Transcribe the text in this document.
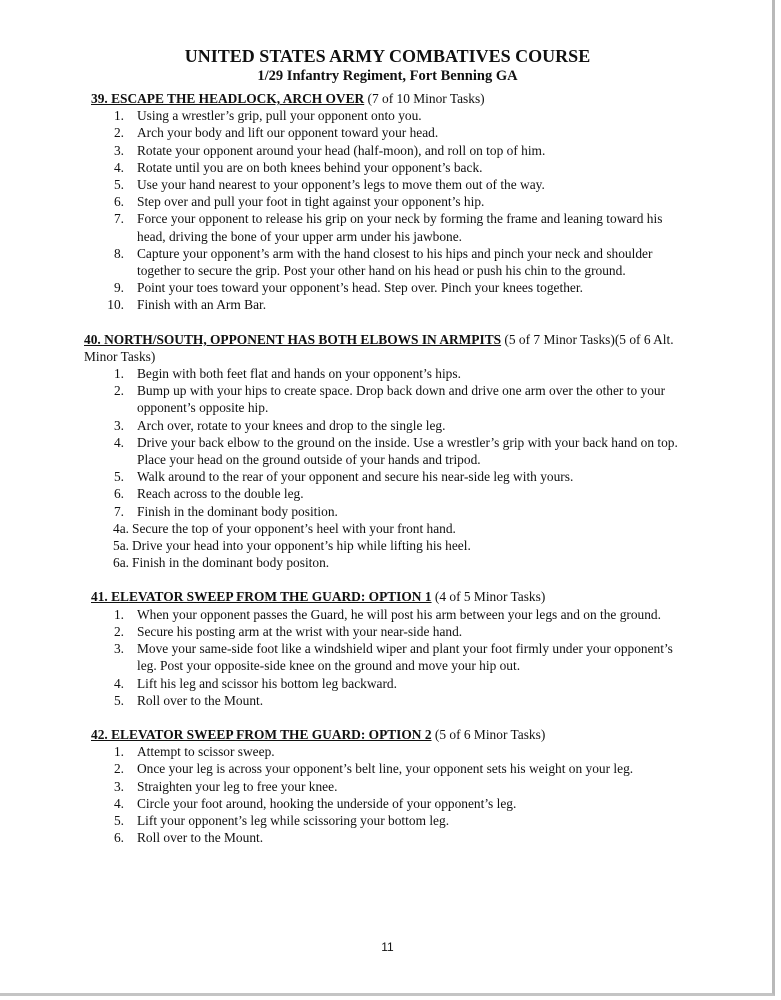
UNITED STATES ARMY COMBATIVES COURSE
1/29 Infantry Regiment, Fort Benning GA
39. ESCAPE THE HEADLOCK, ARCH OVER (7 of 10 Minor Tasks)
1. Using a wrestler’s grip, pull your opponent onto you.
2. Arch your body and lift our opponent toward your head.
3. Rotate your opponent around your head (half-moon), and roll on top of him.
4. Rotate until you are on both knees behind your opponent’s back.
5. Use your hand nearest to your opponent’s legs to move them out of the way.
6. Step over and pull your foot in tight against your opponent’s hip.
7. Force your opponent to release his grip on your neck by forming the frame and leaning toward his head, driving the bone of your upper arm under his jawbone.
8. Capture your opponent’s arm with the hand closest to his hips and pinch your neck and shoulder together to secure the grip. Post your other hand on his head or push his chin to the ground.
9. Point your toes toward your opponent’s head. Step over. Pinch your knees together.
10. Finish with an Arm Bar.
40. NORTH/SOUTH, OPPONENT HAS BOTH ELBOWS IN ARMPITS (5 of 7 Minor Tasks)(5 of 6 Alt. Minor Tasks)
1. Begin with both feet flat and hands on your opponent’s hips.
2. Bump up with your hips to create space. Drop back down and drive one arm over the other to your opponent’s opposite hip.
3. Arch over, rotate to your knees and drop to the single leg.
4. Drive your back elbow to the ground on the inside. Use a wrestler’s grip with your back hand on top. Place your head on the ground outside of your hands and tripod.
5. Walk around to the rear of your opponent and secure his near-side leg with yours.
6. Reach across to the double leg.
7. Finish in the dominant body position.
4a. Secure the top of your opponent’s heel with your front hand.
5a. Drive your head into your opponent’s hip while lifting his heel.
6a. Finish in the dominant body positon.
41. ELEVATOR SWEEP FROM THE GUARD: OPTION 1 (4 of 5 Minor Tasks)
1. When your opponent passes the Guard, he will post his arm between your legs and on the ground.
2. Secure his posting arm at the wrist with your near-side hand.
3. Move your same-side foot like a windshield wiper and plant your foot firmly under your opponent’s leg. Post your opposite-side knee on the ground and move your hip out.
4. Lift his leg and scissor his bottom leg backward.
5. Roll over to the Mount.
42. ELEVATOR SWEEP FROM THE GUARD: OPTION 2 (5 of 6 Minor Tasks)
1. Attempt to scissor sweep.
2. Once your leg is across your opponent’s belt line, your opponent sets his weight on your leg.
3. Straighten your leg to free your knee.
4. Circle your foot around, hooking the underside of your opponent’s leg.
5. Lift your opponent’s leg while scissoring your bottom leg.
6. Roll over to the Mount.
11
